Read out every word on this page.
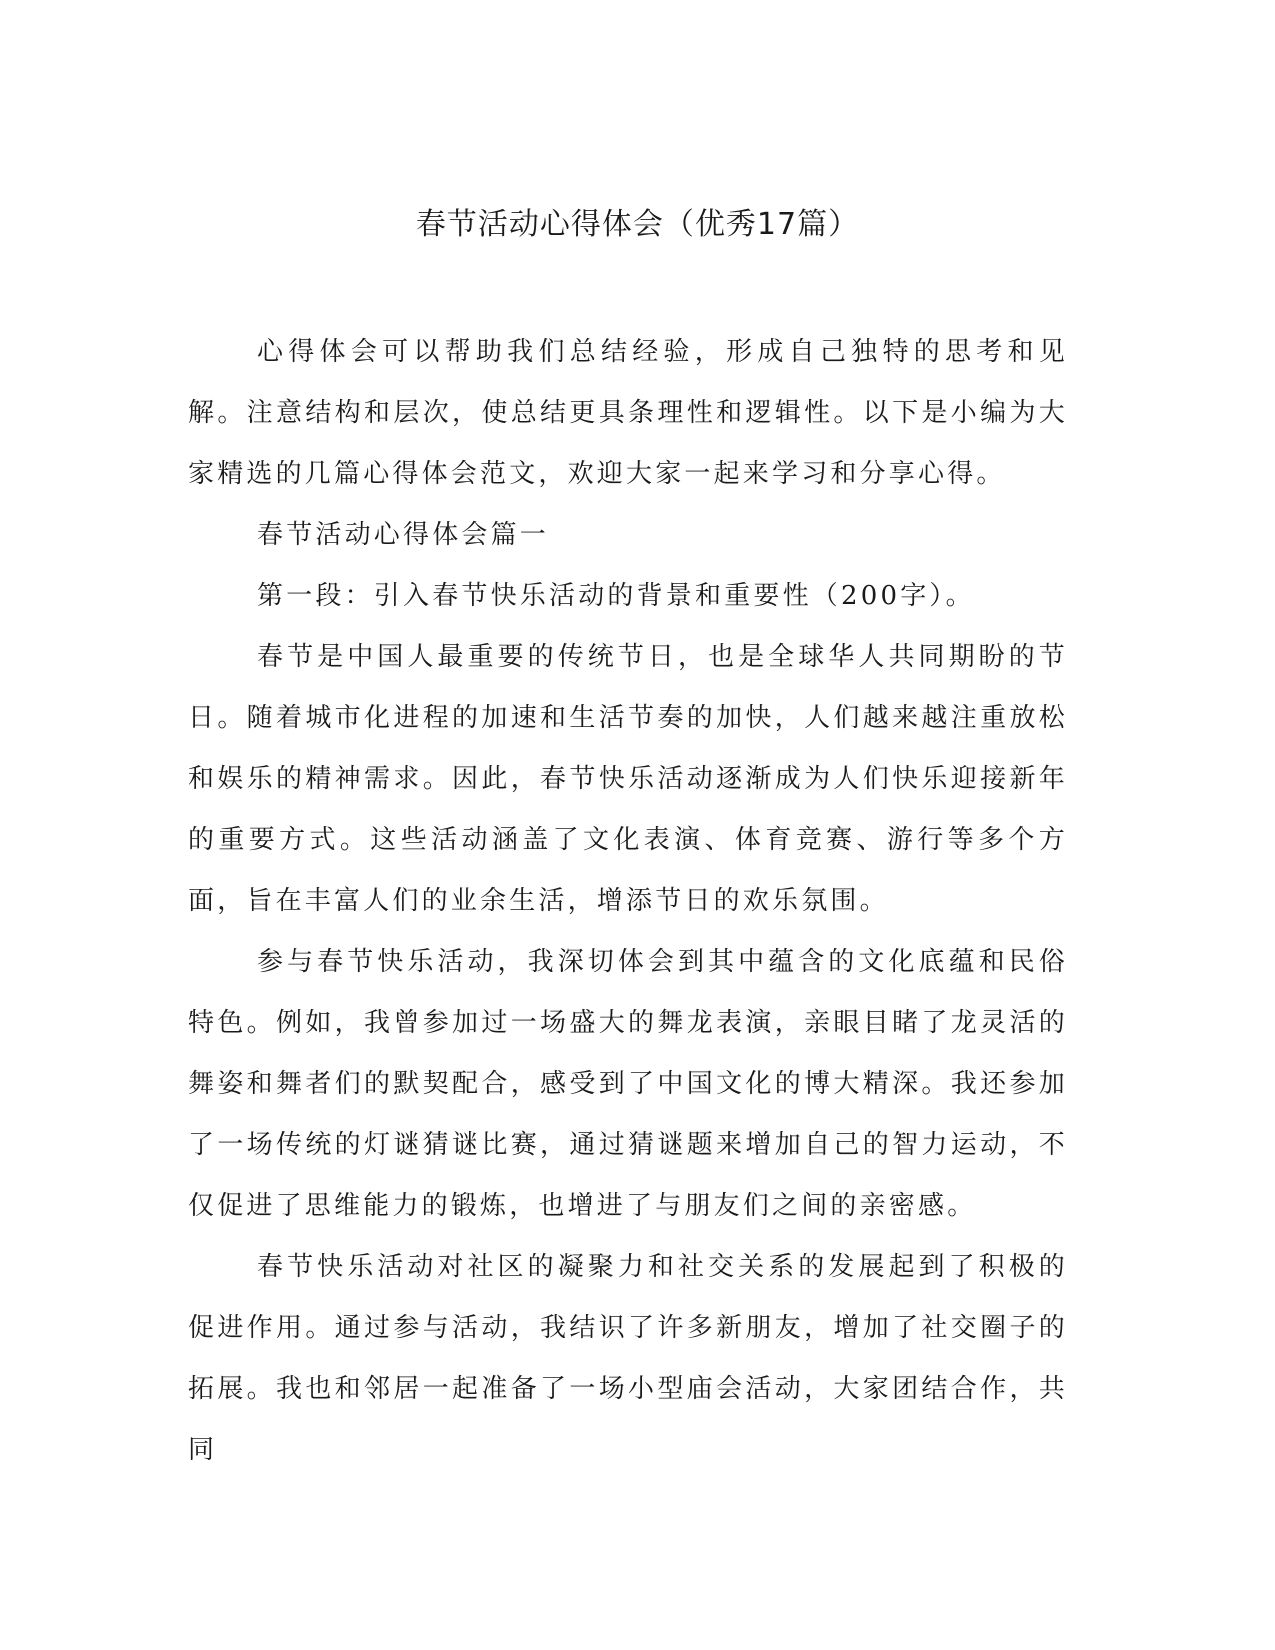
春节活动心得体会（优秀17篇）

心得体会可以帮助我们总结经验，形成自己独特的思考和见解。注意结构和层次，使总结更具条理性和逻辑性。以下是小编为大家精选的几篇心得体会范文，欢迎大家一起来学习和分享心得。

春节活动心得体会篇一

第一段：引入春节快乐活动的背景和重要性（200字）。

春节是中国人最重要的传统节日，也是全球华人共同期盼的节日。随着城市化进程的加速和生活节奏的加快，人们越来越注重放松和娱乐的精神需求。因此，春节快乐活动逐渐成为人们快乐迎接新年的重要方式。这些活动涵盖了文化表演、体育竞赛、游行等多个方面，旨在丰富人们的业余生活，增添节日的欢乐氛围。

参与春节快乐活动，我深切体会到其中蕴含的文化底蕴和民俗特色。例如，我曾参加过一场盛大的舞龙表演，亲眼目睹了龙灵活的舞姿和舞者们的默契配合，感受到了中国文化的博大精深。我还参加了一场传统的灯谜猜谜比赛，通过猜谜题来增加自己的智力运动，不仅促进了思维能力的锻炼，也增进了与朋友们之间的亲密感。

春节快乐活动对社区的凝聚力和社交关系的发展起到了积极的促进作用。通过参与活动，我结识了许多新朋友，增加了社交圈子的拓展。我也和邻居一起准备了一场小型庙会活动，大家团结合作，共同
